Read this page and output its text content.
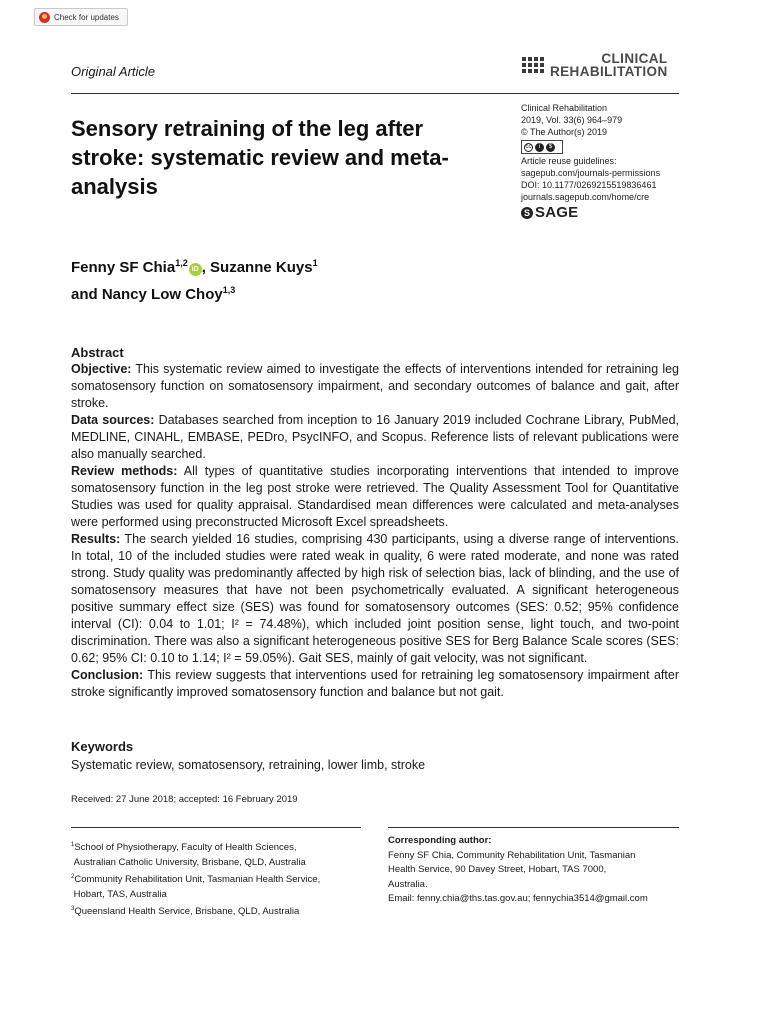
Check for updates
Original Article
CLINICAL
REHABILITATION
Sensory retraining of the leg after stroke: systematic review and meta-analysis
Clinical Rehabilitation
2019, Vol. 33(6) 964–979
© The Author(s) 2019
cc	i	$
Article reuse guidelines:
sagepub.com/journals-permissions
DOI: 10.1177/0269215519836461
journals.sagepub.com/home/cre
S SAGE
Fenny SF Chia$^{1,2}$iD , Suzanne Kuys$^1$
and Nancy Low Choy$^{1,3}$
Abstract

Objective: This systematic review aimed to investigate the effects of interventions intended for retraining leg somatosensory function on somatosensory impairment, and secondary outcomes of balance and gait, after stroke.

Data sources: Databases searched from inception to 16 January 2019 included Cochrane Library, PubMed, MEDLINE, CINAHL, EMBASE, PEDro, PsycINFO, and Scopus. Reference lists of relevant publications were also manually searched.

Review methods: All types of quantitative studies incorporating interventions that intended to improve somatosensory function in the leg post stroke were retrieved. The Quality Assessment Tool for Quantitative Studies was used for quality appraisal. Standardised mean differences were calculated and meta-analyses were performed using preconstructed Microsoft Excel spreadsheets.

Results: The search yielded 16 studies, comprising 430 participants, using a diverse range of interventions. In total, 10 of the included studies were rated weak in quality, 6 were rated moderate, and none was rated strong. Study quality was predominantly affected by high risk of selection bias, lack of blinding, and the use of somatosensory measures that have not been psychometrically evaluated. A significant heterogeneous positive summary effect size (SES) was found for somatosensory outcomes (SES: 0.52; 95% confidence interval (CI): 0.04 to 1.01; I² = 74.48%), which included joint position sense, light touch, and two-point discrimination. There was also a significant heterogeneous positive SES for Berg Balance Scale scores (SES: 0.62; 95% CI: 0.10 to 1.14; I² = 59.05%). Gait SES, mainly of gait velocity, was not significant.

Conclusion: This review suggests that interventions used for retraining leg somatosensory impairment after stroke significantly improved somatosensory function and balance but not gait.

Keywords
Systematic review, somatosensory, retraining, lower limb, stroke
Received: 27 June 2018; accepted: 16 February 2019
$^1$School of Physiotherapy, Faculty of Health Sciences,
Australian Catholic University, Brisbane, QLD, Australia
$^2$Community Rehabilitation Unit, Tasmanian Health Service,
Hobart, TAS, Australia
$^3$Queensland Health Service, Brisbane, QLD, Australia
Corresponding author:
Fenny SF Chia, Community Rehabilitation Unit, Tasmanian
Health Service, 90 Davey Street, Hobart, TAS 7000,
Australia.
Email: fenny.chia@ths.tas.gov.au; fennychia3514@gmail.com
